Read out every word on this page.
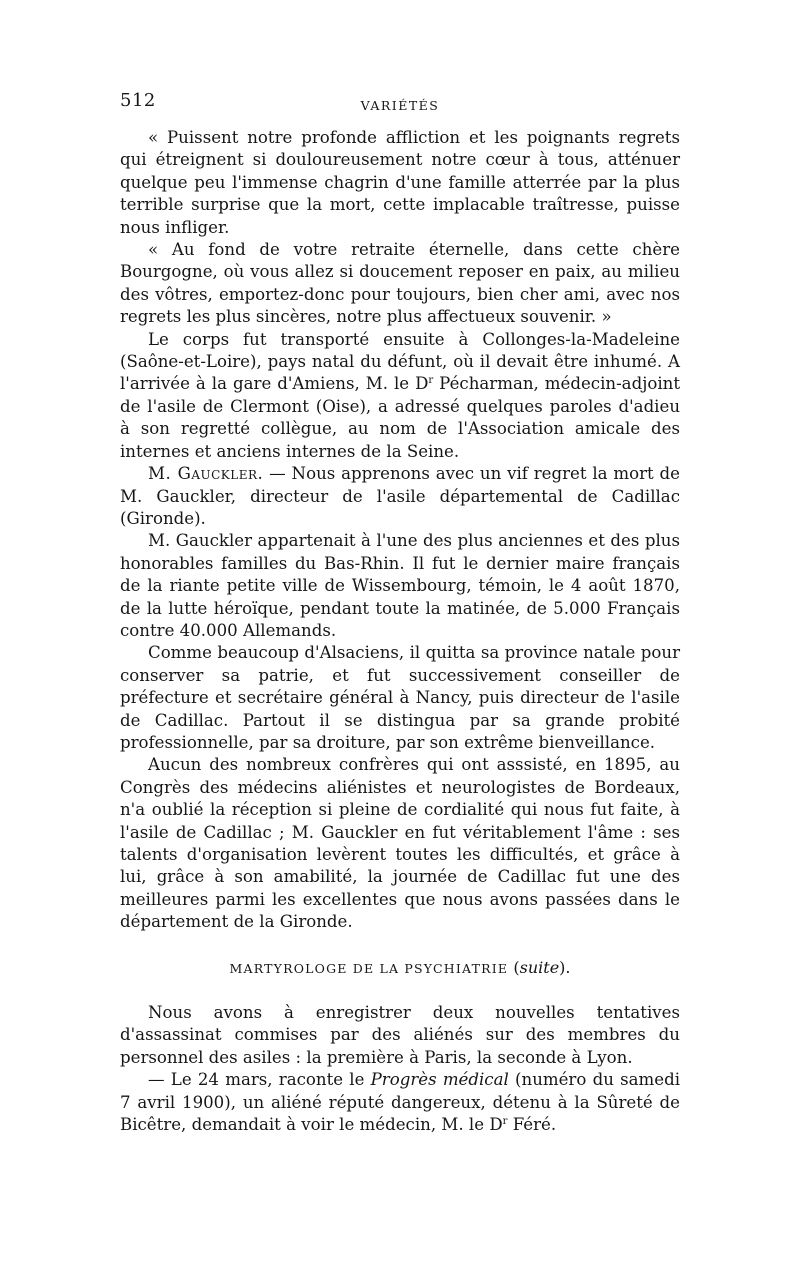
512	VARIÉTÉS

« Puissent notre profonde affliction et les poignants regrets qui étreignent si douloureusement notre cœur à tous, atténuer quelque peu l'immense chagrin d'une famille atterrée par la plus terrible surprise que la mort, cette implacable traîtresse, puisse nous infliger.

« Au fond de votre retraite éternelle, dans cette chère Bourgogne, où vous allez si doucement reposer en paix, au milieu des vôtres, emportez-donc pour toujours, bien cher ami, avec nos regrets les plus sincères, notre plus affectueux souvenir. »

Le corps fut transporté ensuite à Collonges-la-Madeleine (Saône-et-Loire), pays natal du défunt, où il devait être inhumé. A l'arrivée à la gare d'Amiens, M. le $D^r$ Pécharman, médecin-adjoint de l'asile de Clermont (Oise), a adressé quelques paroles d'adieu à son regretté collègue, au nom de l'Association amicale des internes et anciens internes de la Seine.

M. Gauckler. — Nous apprenons avec un vif regret la mort de M. Gauckler, directeur de l'asile départemental de Cadillac (Gironde).

M. Gauckler appartenait à l'une des plus anciennes et des plus honorables familles du Bas-Rhin. Il fut le dernier maire français de la riante petite ville de Wissembourg, témoin, le 4 août 1870, de la lutte héroïque, pendant toute la matinée, de 5.000 Français contre 40.000 Allemands.

Comme beaucoup d'Alsaciens, il quitta sa province natale pour conserver sa patrie, et fut successivement conseiller de préfecture et secrétaire général à Nancy, puis directeur de l'asile de Cadillac. Partout il se distingua par sa grande probité professionnelle, par sa droiture, par son extrême bienveillance.

Aucun des nombreux confrères qui ont asssisté, en 1895, au Congrès des médecins aliénistes et neurologistes de Bordeaux, n'a oublié la réception si pleine de cordialité qui nous fut faite, à l'asile de Cadillac ; M. Gauckler en fut véritablement l'âme : ses talents d'organisation levèrent toutes les difficultés, et grâce à lui, grâce à son amabilité, la journée de Cadillac fut une des meilleures parmi les excellentes que nous avons passées dans le département de la Gironde.

MARTYROLOGE DE LA PSYCHIATRIE (suite).

Nous avons à enregistrer deux nouvelles tentatives d'assassinat commises par des aliénés sur des membres du personnel des asiles : la première à Paris, la seconde à Lyon.

— Le 24 mars, raconte le Progrès médical (numéro du samedi 7 avril 1900), un aliéné réputé dangereux, détenu à la Sûreté de Bicêtre, demandait à voir le médecin, M. le $D^r$ Féré.
